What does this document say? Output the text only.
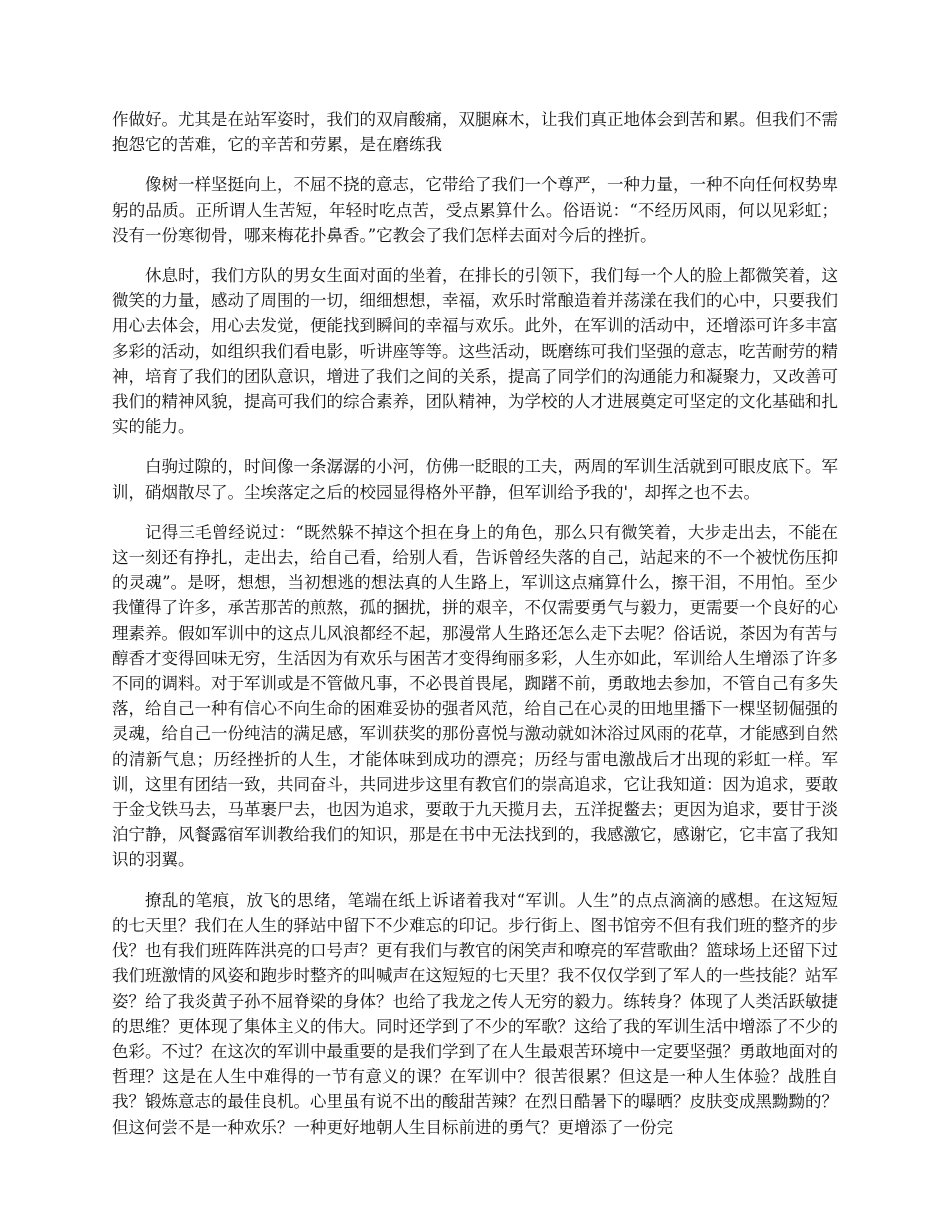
作做好。尤其是在站军姿时，我们的双肩酸痛，双腿麻木，让我们真正地体会到苦和累。但我们不需抱怨它的苦难，它的辛苦和劳累，是在磨练我

像树一样坚挺向上，不屈不挠的意志，它带给了我们一个尊严，一种力量，一种不向任何权势卑躬的品质。正所谓人生苦短，年轻时吃点苦，受点累算什么。俗语说：“不经历风雨，何以见彩虹；没有一份寒彻骨，哪来梅花扑鼻香。”它教会了我们怎样去面对今后的挫折。

休息时，我们方队的男女生面对面的坐着，在排长的引领下，我们每一个人的脸上都微笑着，这微笑的力量，感动了周围的一切，细细想想，幸福，欢乐时常酿造着并荡漾在我们的心中，只要我们用心去体会，用心去发觉，便能找到瞬间的幸福与欢乐。此外，在军训的活动中，还增添可许多丰富多彩的活动，如组织我们看电影，听讲座等等。这些活动，既磨练可我们坚强的意志，吃苦耐劳的精神，培育了我们的团队意识，增进了我们之间的关系，提高了同学们的沟通能力和凝聚力，又改善可我们的精神风貌，提高可我们的综合素养，团队精神，为学校的人才进展奠定可坚定的文化基础和扎实的能力。

白驹过隙的，时间像一条潺潺的小河，仿佛一眨眼的工夫，两周的军训生活就到可眼皮底下。军训，硝烟散尽了。尘埃落定之后的校园显得格外平静，但军训给予我的'，却挥之也不去。

记得三毛曾经说过：“既然躲不掉这个担在身上的角色，那么只有微笑着，大步走出去，不能在这一刻还有挣扎，走出去，给自己看，给别人看，告诉曾经失落的自己，站起来的不一个被忧伤压抑的灵魂”。是呀，想想，当初想逃的想法真的人生路上，军训这点痛算什么，擦干泪，不用怕。至少我懂得了许多，承苦那苦的煎熬，孤的捆扰，拼的艰辛，不仅需要勇气与毅力，更需要一个良好的心理素养。假如军训中的这点儿风浪都经不起，那漫常人生路还怎么走下去呢？俗话说，茶因为有苦与醇香才变得回味无穷，生活因为有欢乐与困苦才变得绚丽多彩，人生亦如此，军训给人生增添了许多不同的调料。对于军训或是不管做凡事，不必畏首畏尾，踟躇不前，勇敢地去参加，不管自己有多失落，给自己一种有信心不向生命的困难妥协的强者风范，给自己在心灵的田地里播下一棵坚韧倔强的灵魂，给自己一份纯洁的满足感，军训获奖的那份喜悦与激动就如沐浴过风雨的花草，才能感到自然的清新气息；历经挫折的人生，才能体味到成功的漂亮；历经与雷电激战后才出现的彩虹一样。军训，这里有团结一致，共同奋斗，共同进步这里有教官们的崇高追求，它让我知道：因为追求，要敢于金戈铁马去，马革裹尸去，也因为追求，要敢于九天揽月去，五洋捉鳖去；更因为追求，要甘于淡泊宁静，风餐露宿军训教给我们的知识，那是在书中无法找到的，我感激它，感谢它，它丰富了我知识的羽翼。

撩乱的笔痕，放飞的思绪，笔端在纸上诉诸着我对“军训。人生”的点点滴滴的感想。在这短短的七天里？我们在人生的驿站中留下不少难忘的印记。步行街上、图书馆旁不但有我们班的整齐的步伐？也有我们班阵阵洪亮的口号声？更有我们与教官的闲笑声和嘹亮的军营歌曲？篮球场上还留下过我们班激情的风姿和跑步时整齐的叫喊声在这短短的七天里？我不仅仅学到了军人的一些技能？站军姿？给了我炎黄子孙不屈脊梁的身体？也给了我龙之传人无穷的毅力。练转身？体现了人类活跃敏捷的思维？更体现了集体主义的伟大。同时还学到了不少的军歌？这给了我的军训生活中增添了不少的色彩。不过？在这次的军训中最重要的是我们学到了在人生最艰苦环境中一定要坚强？勇敢地面对的哲理？这是在人生中难得的一节有意义的课？在军训中？很苦很累？但这是一种人生体验？战胜自我？锻炼意志的最佳良机。心里虽有说不出的酸甜苦辣？在烈日酷暑下的曝晒？皮肤变成黑黝黝的？但这何尝不是一种欢乐？一种更好地朝人生目标前进的勇气？更增添了一份完
